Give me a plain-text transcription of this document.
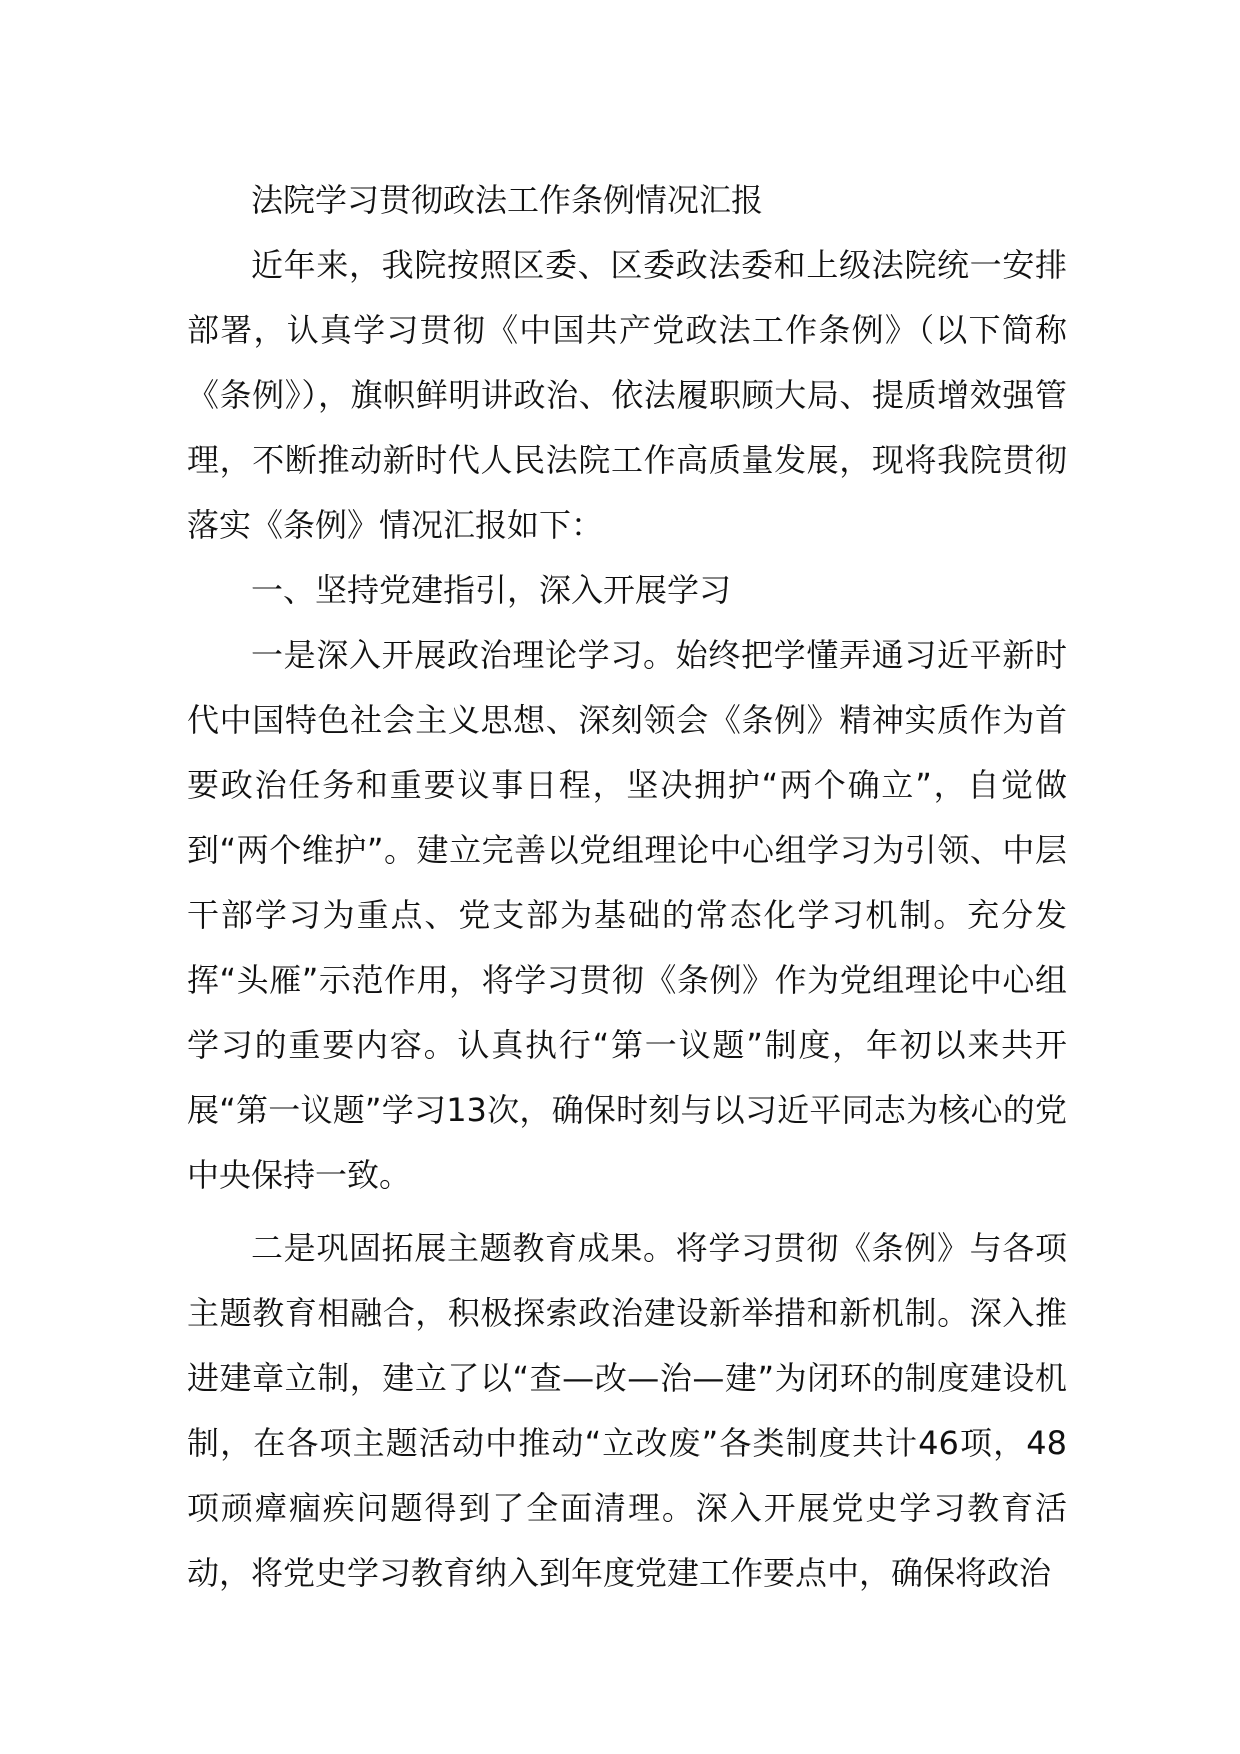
法院学习贯彻政法工作条例情况汇报

近年来，我院按照区委、区委政法委和上级法院统一安排部署，认真学习贯彻《中国共产党政法工作条例》（以下简称《条例》），旗帜鲜明讲政治、依法履职顾大局、提质增效强管理，不断推动新时代人民法院工作高质量发展，现将我院贯彻落实《条例》情况汇报如下：

一、坚持党建指引，深入开展学习

一是深入开展政治理论学习。始终把学懂弄通习近平新时代中国特色社会主义思想、深刻领会《条例》精神实质作为首要政治任务和重要议事日程，坚决拥护“两个确立”，自觉做到“两个维护”。建立完善以党组理论中心组学习为引领、中层干部学习为重点、党支部为基础的常态化学习机制。充分发挥“头雁”示范作用，将学习贯彻《条例》作为党组理论中心组学习的重要内容。认真执行“第一议题”制度，年初以来共开展“第一议题”学习13次，确保时刻与以习近平同志为核心的党中央保持一致。

二是巩固拓展主题教育成果。将学习贯彻《条例》与各项主题教育相融合，积极探索政治建设新举措和新机制。深入推进建章立制，建立了以“查—改—治—建”为闭环的制度建设机制，在各项主题活动中推动“立改废”各类制度共计46项，48项顽瘴痼疾问题得到了全面清理。深入开展党史学习教育活动，将党史学习教育纳入到年度党建工作要点中，确保将政治
